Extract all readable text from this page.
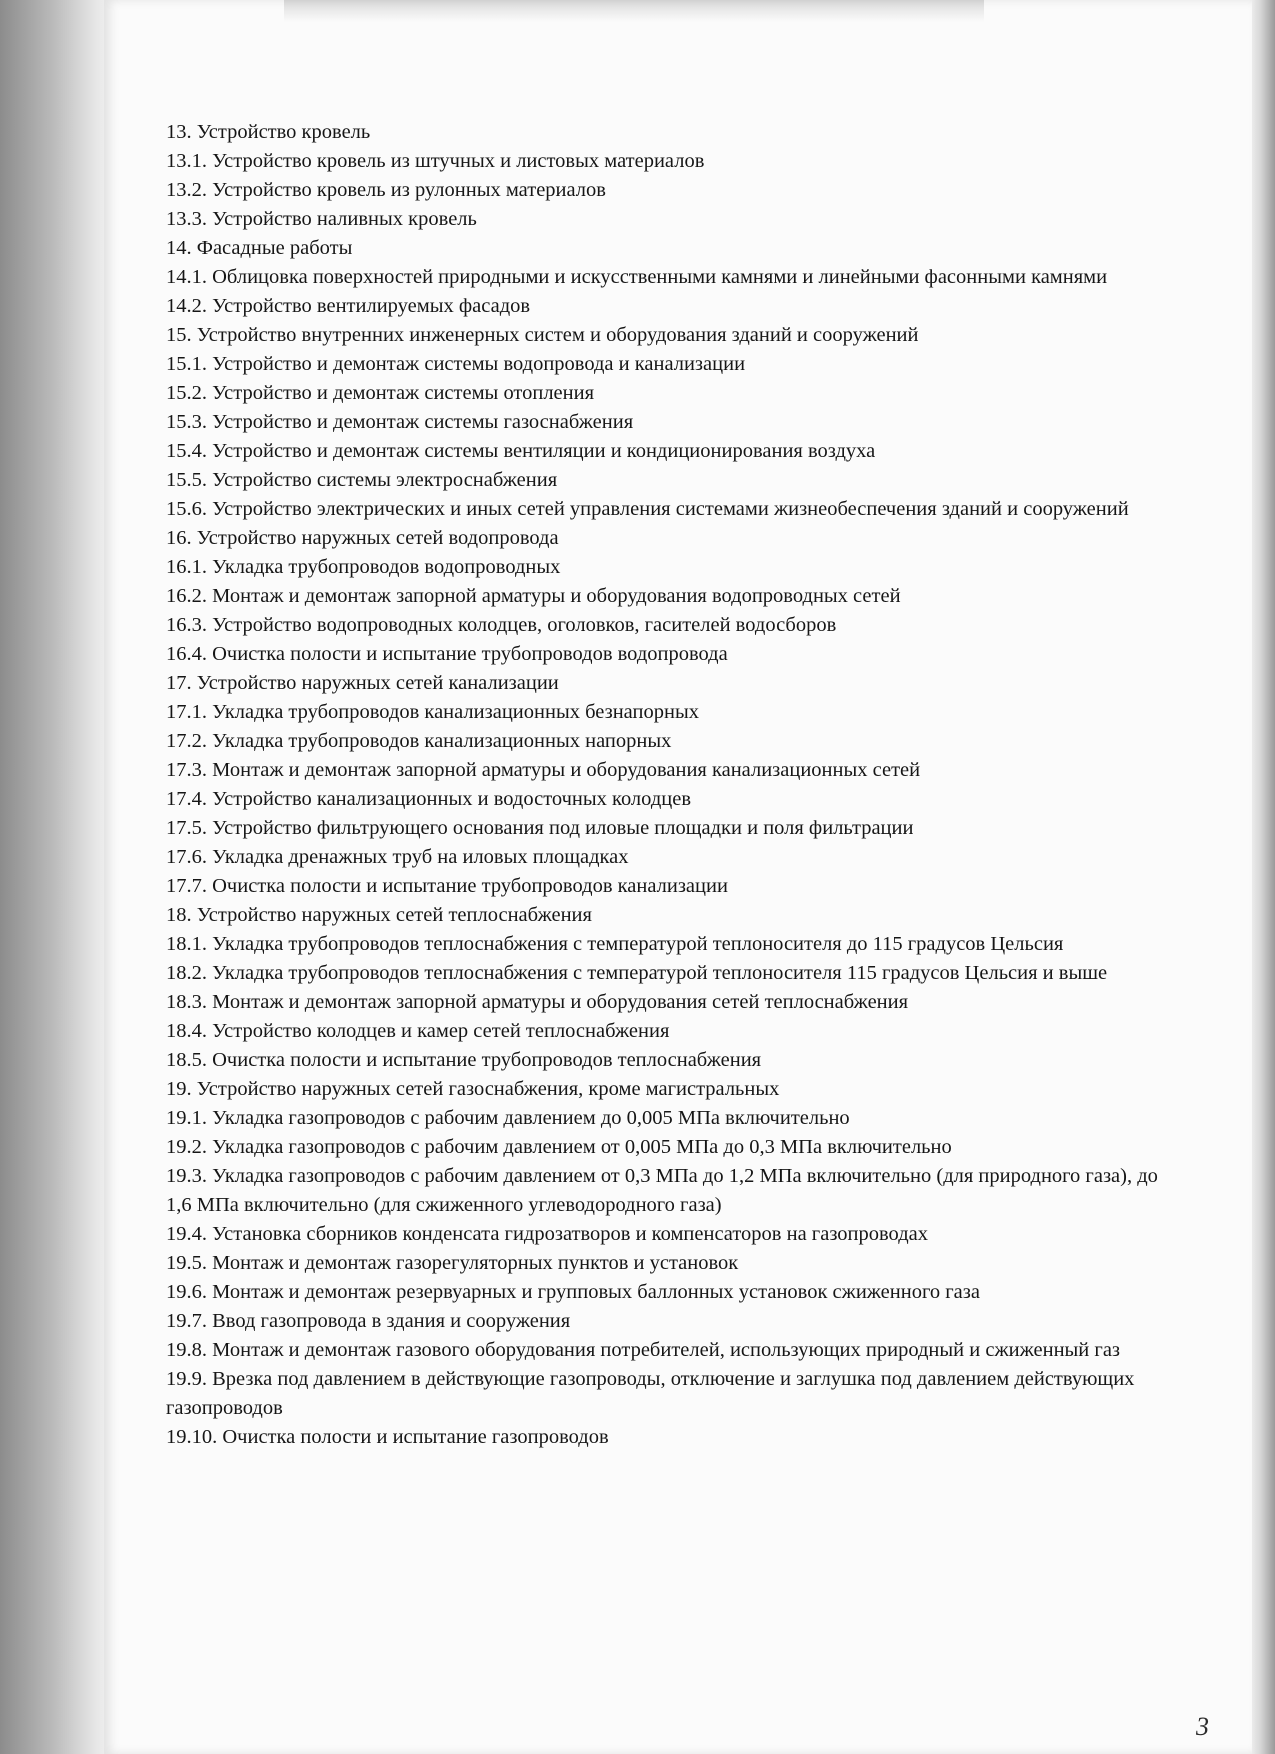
13. Устройство кровель

13.1. Устройство кровель из штучных и листовых материалов

13.2. Устройство кровель из рулонных материалов

13.3. Устройство наливных кровель

14. Фасадные работы

14.1. Облицовка поверхностей природными и искусственными камнями и линейными фасонными камнями

14.2. Устройство вентилируемых фасадов

15. Устройство внутренних инженерных систем и оборудования зданий и сооружений

15.1. Устройство и демонтаж системы водопровода и канализации

15.2. Устройство и демонтаж системы отопления

15.3. Устройство и демонтаж системы газоснабжения

15.4. Устройство и демонтаж системы вентиляции и кондиционирования воздуха

15.5. Устройство системы электроснабжения

15.6. Устройство электрических и иных сетей управления системами жизнеобеспечения зданий и сооружений

16. Устройство наружных сетей водопровода

16.1. Укладка трубопроводов водопроводных

16.2. Монтаж и демонтаж запорной арматуры и оборудования водопроводных сетей

16.3. Устройство водопроводных колодцев, оголовков, гасителей водосборов

16.4. Очистка полости и испытание трубопроводов водопровода

17. Устройство наружных сетей канализации

17.1. Укладка трубопроводов канализационных безнапорных

17.2. Укладка трубопроводов канализационных напорных

17.3. Монтаж и демонтаж запорной арматуры и оборудования канализационных сетей

17.4. Устройство канализационных и водосточных колодцев

17.5. Устройство фильтрующего основания под иловые площадки и поля фильтрации

17.6. Укладка дренажных труб на иловых площадках

17.7. Очистка полости и испытание трубопроводов канализации

18. Устройство наружных сетей теплоснабжения

18.1. Укладка трубопроводов теплоснабжения с температурой теплоносителя до 115 градусов Цельсия

18.2. Укладка трубопроводов теплоснабжения с температурой теплоносителя 115 градусов Цельсия и выше

18.3. Монтаж и демонтаж запорной арматуры и оборудования сетей теплоснабжения

18.4. Устройство колодцев и камер сетей теплоснабжения

18.5. Очистка полости и испытание трубопроводов теплоснабжения

19. Устройство наружных сетей газоснабжения, кроме магистральных

19.1. Укладка газопроводов с рабочим давлением до 0,005 МПа включительно

19.2. Укладка газопроводов с рабочим давлением от 0,005 МПа до 0,3 МПа включительно

19.3. Укладка газопроводов с рабочим давлением от 0,3 МПа до 1,2 МПа включительно (для природного газа), до 1,6 МПа включительно (для сжиженного углеводородного газа)

19.4. Установка сборников конденсата гидрозатворов и компенсаторов на газопроводах

19.5. Монтаж и демонтаж газорегуляторных пунктов и установок

19.6. Монтаж и демонтаж резервуарных и групповых баллонных установок сжиженного газа

19.7. Ввод газопровода в здания и сооружения

19.8. Монтаж и демонтаж газового оборудования потребителей, использующих природный и сжиженный газ

19.9. Врезка под давлением в действующие газопроводы, отключение и заглушка под давлением действующих газопроводов

19.10. Очистка полости и испытание газопроводов

3
